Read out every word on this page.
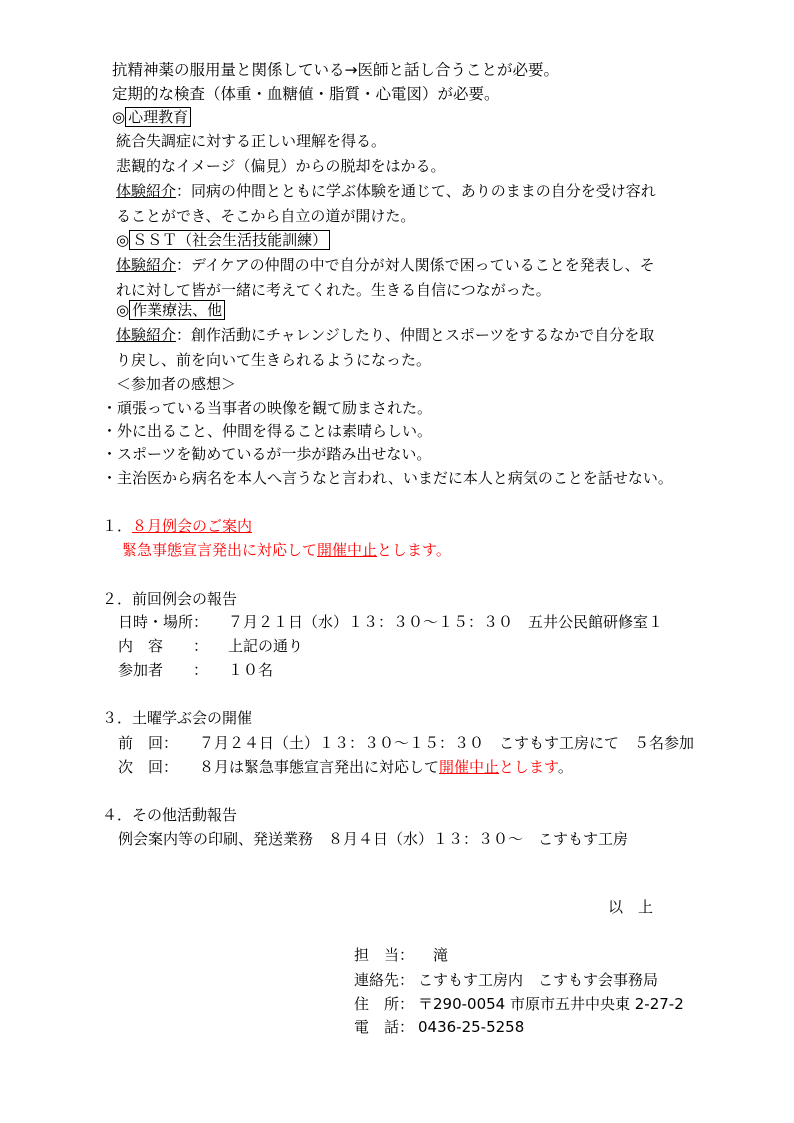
抗精神薬の服用量と関係している→医師と話し合うことが必要。
定期的な検査（体重・血糖値・脂質・心電図）が必要。
◎ 心理教育
統合失調症に対する正しい理解を得る。
悲観的なイメージ（偏見）からの脱却をはかる。
体験紹介：同病の仲間とともに学ぶ体験を通じて、ありのままの自分を受け容れ
ることができ、そこから自立の道が開けた。
◎ ＳＳＴ（社会生活技能訓練）
体験紹介：デイケアの仲間の中で自分が対人関係で困っていることを発表し、そ
れに対して皆が一緒に考えてくれた。生きる自信につながった。
◎ 作業療法、他
体験紹介：創作活動にチャレンジしたり、仲間とスポーツをするなかで自分を取
り戻し、前を向いて生きられるようになった。
＜参加者の感想＞
・頑張っている当事者の映像を観て励まされた。
・外に出ること、仲間を得ることは素晴らしい。
・スポーツを勧めているが一歩が踏み出せない。
・主治医から病名を本人へ言うなと言われ、いまだに本人と病気のことを話せない。
１．８月例会のご案内
緊急事態宣言発出に対応して開催中止とします。
２．前回例会の報告
日時・場所： ７月２１日（水）１３：３０～１５：３０　五井公民館研修室１
内　容　　： 上記の通り
参加者　　： １０名
３．土曜学ぶ会の開催
前　回： ７月２４日（土）１３：３０～１５：３０　こすもす工房にて　５名参加
次　回： ８月は緊急事態宣言発出に対応して開催中止とします。
４．その他活動報告
例会案内等の印刷、発送業務　８月４日（水）１３：３０～　こすもす工房
以　上
担　当： 滝
連絡先： こすもす工房内　こすもす会事務局
住　所： 〒290-0054 市原市五井中央東 2-27-2
電　話： 0436-25-5258
